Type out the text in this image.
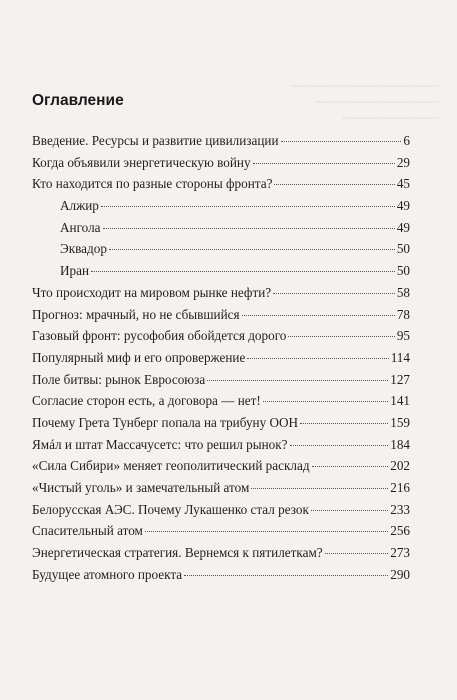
~~~~~~~~~~~~~~~~~~~~~~~
~~~~~~~~~~~~~~~~~~~
~~~~~~~~~~~~~~~
Оглавление
Введение. Ресурсы и развитие цивилизации	6
Когда объявили энергетическую войну	29
Кто находится по разные стороны фронта?	45
Алжир	49
Ангола	49
Эквадор	50
Иран	50
Что происходит на мировом рынке нефти?	58
Прогноз: мрачный, но не сбывшийся	78
Газовый фронт: русофобия обойдется дорого	95
Популярный миф и его опровержение	114
Поле битвы: рынок Евросоюза	127
Согласие сторон есть, а договора — нет!	141
Почему Грета Тунберг попала на трибуну ООН	159
Ямáл и штат Массачусетс: что решил рынок?	184
«Сила Сибири» меняет геополитический расклад	202
«Чистый уголь» и замечательный атом	216
Белорусская АЭС. Почему Лукашенко стал резок	233
Спасительный атом	256
Энергетическая стратегия. Вернемся к пятилеткам?	273
Будущее атомного проекта	290
